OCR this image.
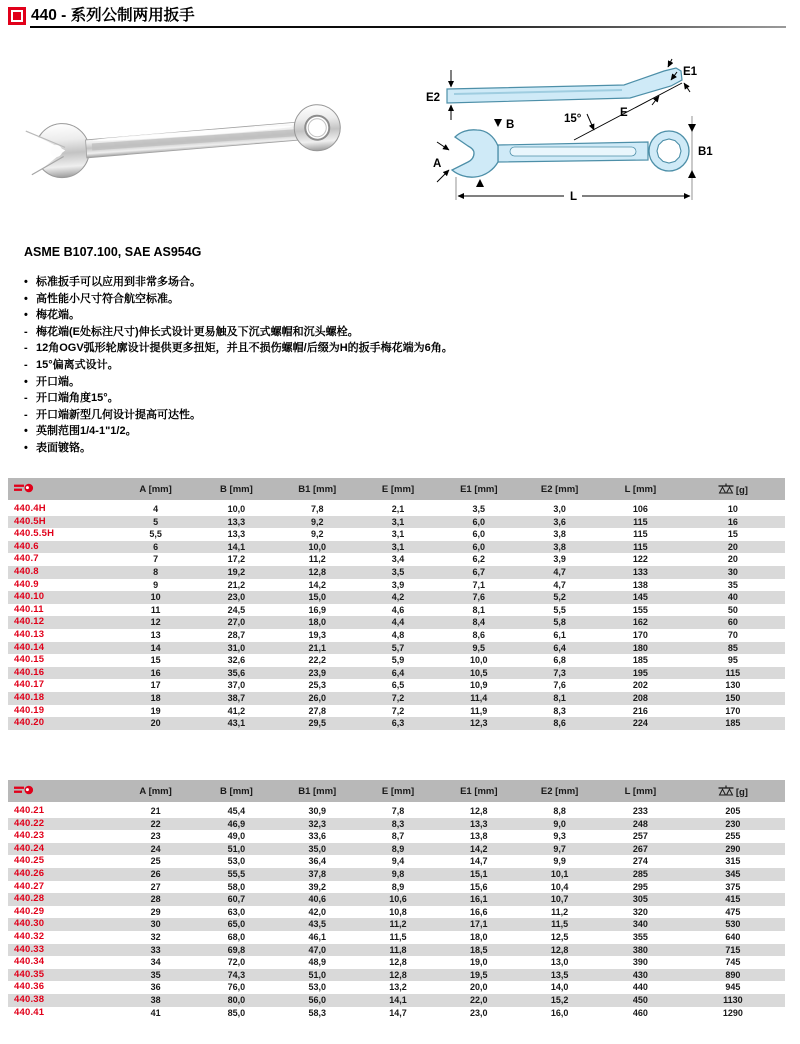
440 - 系列公制两用扳手
E2
E1
15°	E
B
A
B1
L
ASME B107.100, SAE AS954G
• 标准扳手可以应用到非常多场合。
• 高性能小尺寸符合航空标准。
• 梅花端。
- 梅花端(E处标注尺寸)伸长式设计更易触及下沉式螺帽和沉头螺栓。
- 12角OGV弧形轮廓设计提供更多扭矩，并且不损伤螺帽/后缀为H的扳手梅花端为6角。
- 15°偏离式设计。
• 开口端。
- 开口端角度15°。
- 开口端新型几何设计提高可达性。
• 英制范围1/4-1"1/2。
• 表面镀铬。
	A [mm]	B [mm]	B1 [mm]	E [mm]	E1 [mm]	E2 [mm]	L [mm]	[g]
440.4H	4	10,0	7,8	2,1	3,5	3,0	106	10
440.5H	5	13,3	9,2	3,1	6,0	3,6	115	16
440.5.5H	5,5	13,3	9,2	3,1	6,0	3,8	115	15
440.6	6	14,1	10,0	3,1	6,0	3,8	115	20
440.7	7	17,2	11,2	3,4	6,2	3,9	122	20
440.8	8	19,2	12,8	3,5	6,7	4,7	133	30
440.9	9	21,2	14,2	3,9	7,1	4,7	138	35
440.10	10	23,0	15,0	4,2	7,6	5,2	145	40
440.11	11	24,5	16,9	4,6	8,1	5,5	155	50
440.12	12	27,0	18,0	4,4	8,4	5,8	162	60
440.13	13	28,7	19,3	4,8	8,6	6,1	170	70
440.14	14	31,0	21,1	5,7	9,5	6,4	180	85
440.15	15	32,6	22,2	5,9	10,0	6,8	185	95
440.16	16	35,6	23,9	6,4	10,5	7,3	195	115
440.17	17	37,0	25,3	6,5	10,9	7,6	202	130
440.18	18	38,7	26,0	7,2	11,4	8,1	208	150
440.19	19	41,2	27,8	7,2	11,9	8,3	216	170
440.20	20	43,1	29,5	6,3	12,3	8,6	224	185
	A [mm]	B [mm]	B1 [mm]	E [mm]	E1 [mm]	E2 [mm]	L [mm]	[g]
440.21	21	45,4	30,9	7,8	12,8	8,8	233	205
440.22	22	46,9	32,3	8,3	13,3	9,0	248	230
440.23	23	49,0	33,6	8,7	13,8	9,3	257	255
440.24	24	51,0	35,0	8,9	14,2	9,7	267	290
440.25	25	53,0	36,4	9,4	14,7	9,9	274	315
440.26	26	55,5	37,8	9,8	15,1	10,1	285	345
440.27	27	58,0	39,2	8,9	15,6	10,4	295	375
440.28	28	60,7	40,6	10,6	16,1	10,7	305	415
440.29	29	63,0	42,0	10,8	16,6	11,2	320	475
440.30	30	65,0	43,5	11,2	17,1	11,5	340	530
440.32	32	68,0	46,1	11,5	18,0	12,5	355	640
440.33	33	69,8	47,0	11,8	18,5	12,8	380	715
440.34	34	72,0	48,9	12,8	19,0	13,0	390	745
440.35	35	74,3	51,0	12,8	19,5	13,5	430	890
440.36	36	76,0	53,0	13,2	20,0	14,0	440	945
440.38	38	80,0	56,0	14,1	22,0	15,2	450	1130
440.41	41	85,0	58,3	14,7	23,0	16,0	460	1290
